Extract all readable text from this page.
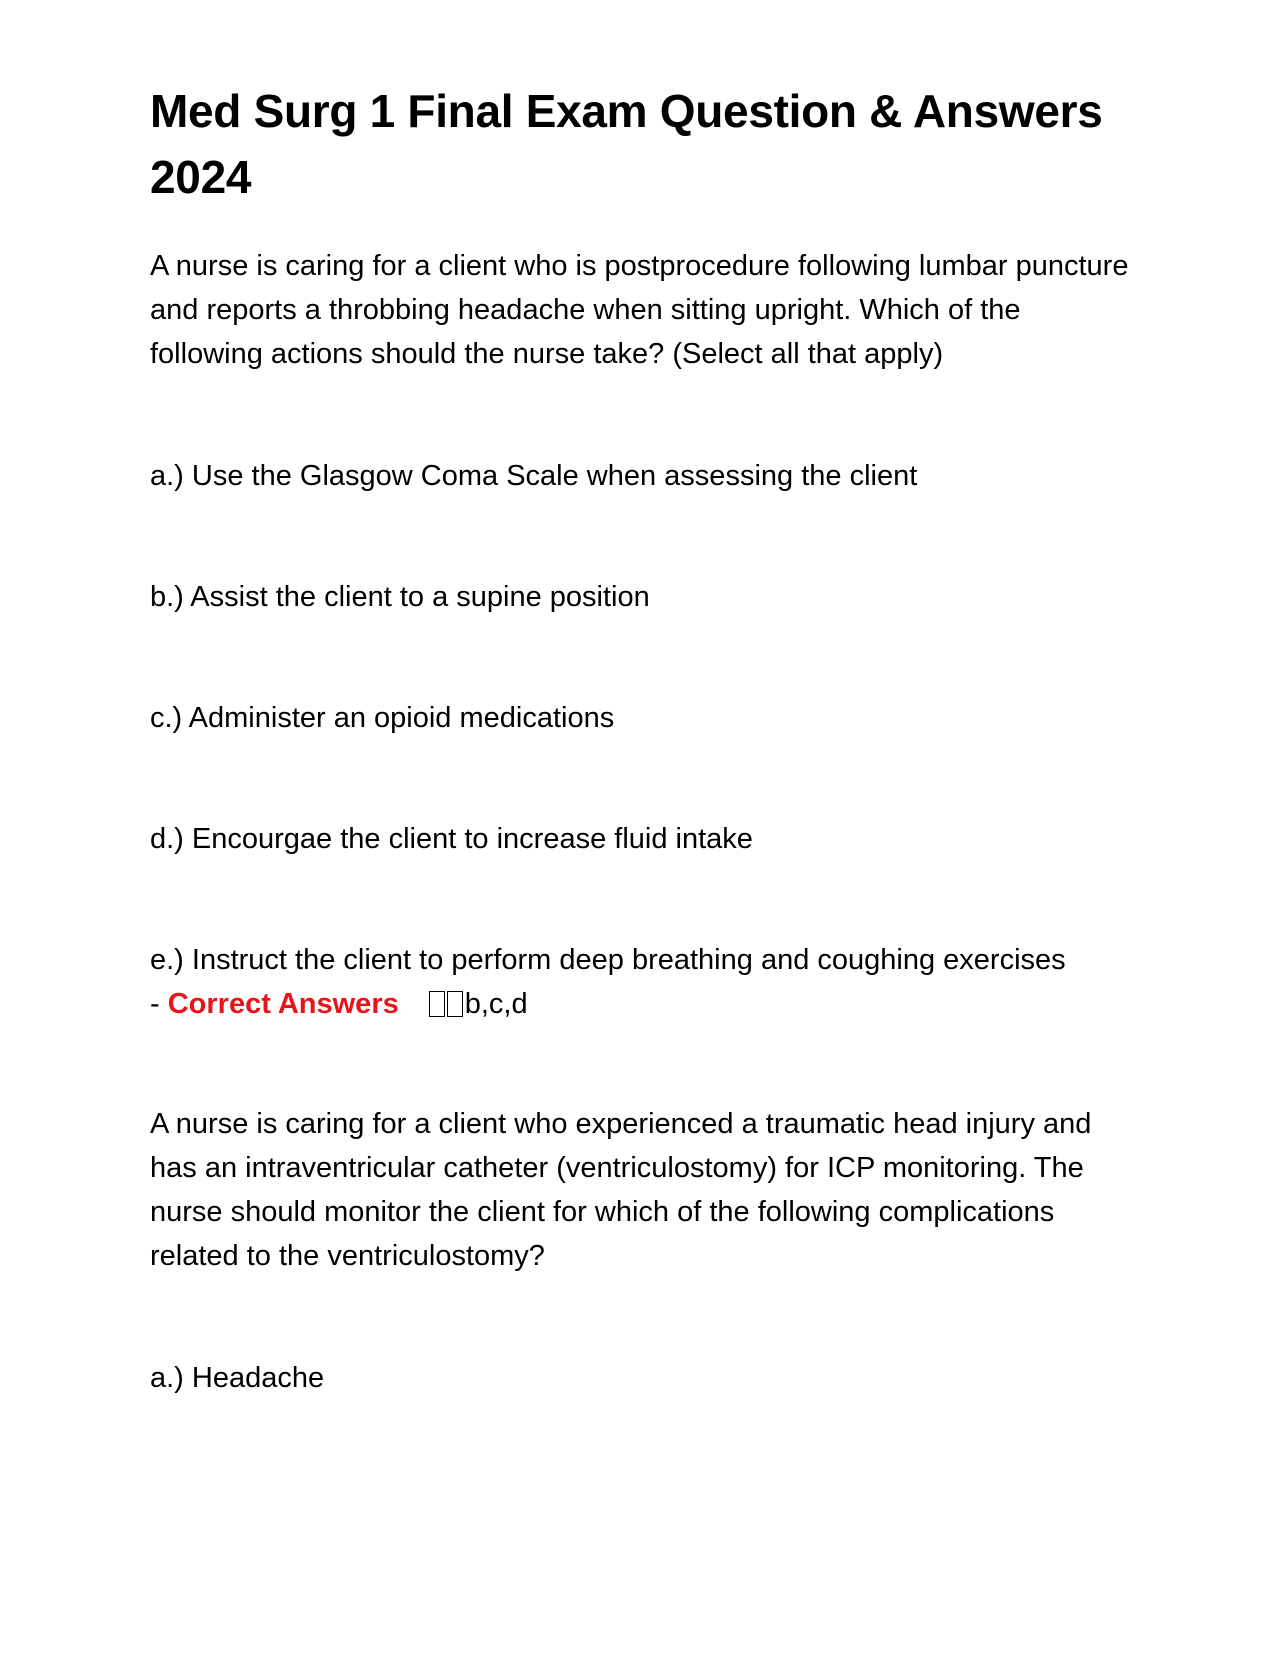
Med Surg 1 Final Exam Question & Answers 2024

A nurse is caring for a client who is postprocedure following lumbar puncture and reports a throbbing headache when sitting upright. Which of the following actions should the nurse take? (Select all that apply)

a.) Use the Glasgow Coma Scale when assessing the client

b.) Assist the client to a supine position

c.) Administer an opioid medications

d.) Encourgae the client to increase fluid intake

e.) Instruct the client to perform deep breathing and coughing exercises
- Correct Answers b,c,d

A nurse is caring for a client who experienced a traumatic head injury and has an intraventricular catheter (ventriculostomy) for ICP monitoring. The nurse should monitor the client for which of the following complications related to the ventriculostomy?

a.) Headache
